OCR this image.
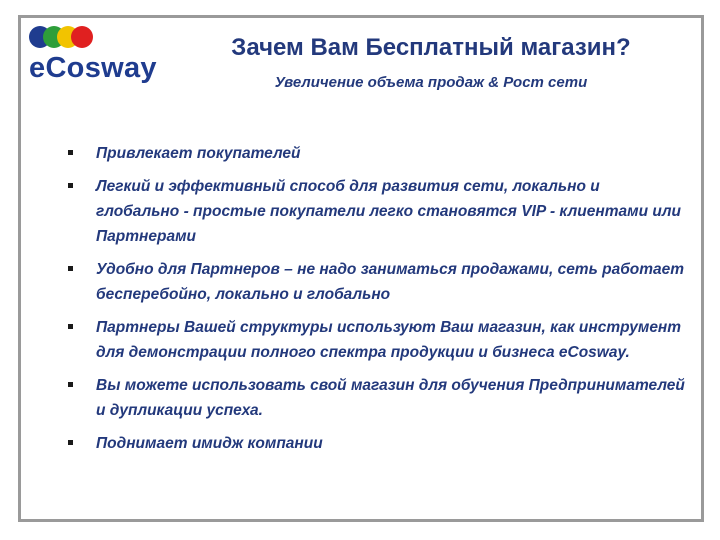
eCosway
Зачем Вам Бесплатный магазин?
Увеличение объема продаж & Рост сети
Привлекает покупателей
Легкий и эффективный способ для развития сети, локально и глобально - простые покупатели легко становятся VIP - клиентами или Партнерами
Удобно для Партнеров – не надо заниматься продажами, сеть работает бесперебойно, локально и глобально
Партнеры Вашей структуры используют Ваш магазин, как инструмент для демонстрации полного спектра продукции и бизнеса eCosway.
Вы можете использовать свой магазин для обучения Предпринимателей и дупликации успеха.
Поднимает имидж компании
